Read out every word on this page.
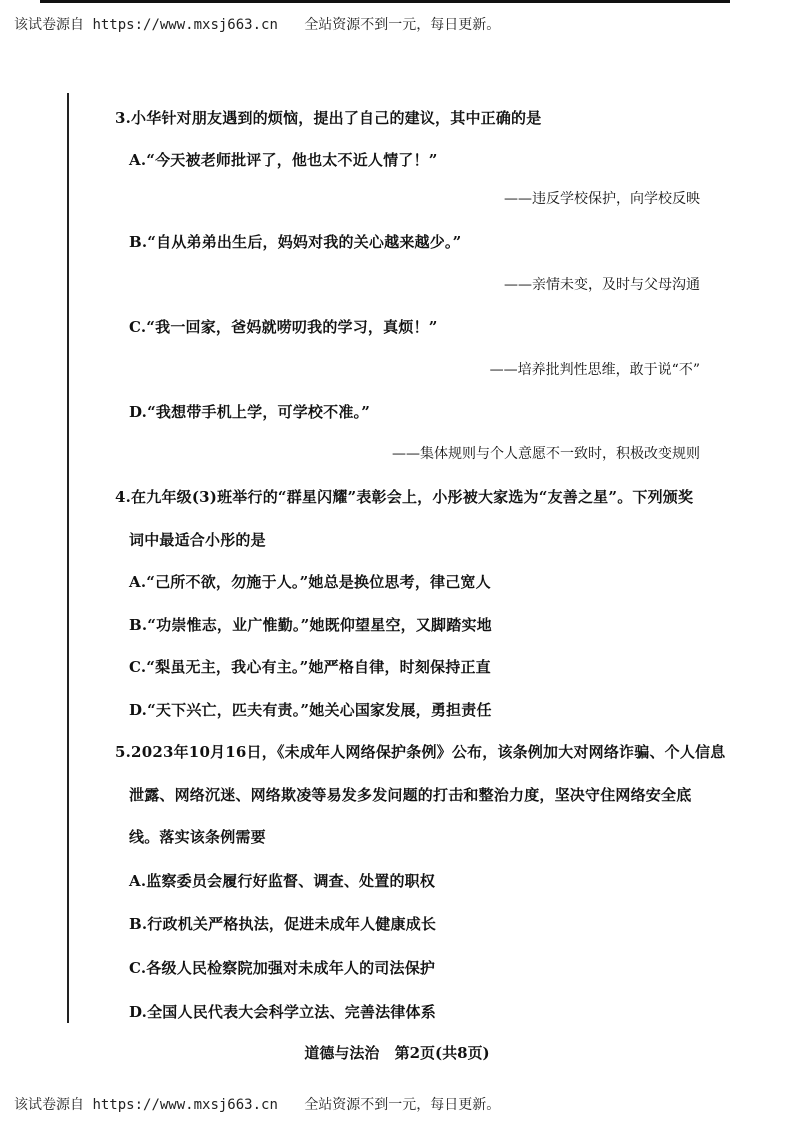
该试卷源自 https://www.mxsj663.cn 全站资源不到一元，每日更新。
3.小华针对朋友遇到的烦恼，提出了自己的建议，其中正确的是
A.“今天被老师批评了，他也太不近人情了！”
——违反学校保护，向学校反映
B.“自从弟弟出生后，妈妈对我的关心越来越少。”
——亲情未变，及时与父母沟通
C.“我一回家，爸妈就唠叨我的学习，真烦！”
——培养批判性思维，敢于说“不”
D.“我想带手机上学，可学校不准。”
——集体规则与个人意愿不一致时，积极改变规则
4.在九年级(3)班举行的“群星闪耀”表彰会上，小彤被大家选为“友善之星”。下列颁奖
词中最适合小彤的是
A.“己所不欲，勿施于人。”她总是换位思考，律己宽人
B.“功崇惟志，业广惟勤。”她既仰望星空，又脚踏实地
C.“梨虽无主，我心有主。”她严格自律，时刻保持正直
D.“天下兴亡，匹夫有责。”她关心国家发展，勇担责任
5.2023年10月16日，《未成年人网络保护条例》公布，该条例加大对网络诈骗、个人信息
泄露、网络沉迷、网络欺凌等易发多发问题的打击和整治力度，坚决守住网络安全底
线。落实该条例需要
A.监察委员会履行好监督、调查、处置的职权
B.行政机关严格执法，促进未成年人健康成长
C.各级人民检察院加强对未成年人的司法保护
D.全国人民代表大会科学立法、完善法律体系
道德与法治 第2页(共8页)
该试卷源自 https://www.mxsj663.cn 全站资源不到一元，每日更新。
